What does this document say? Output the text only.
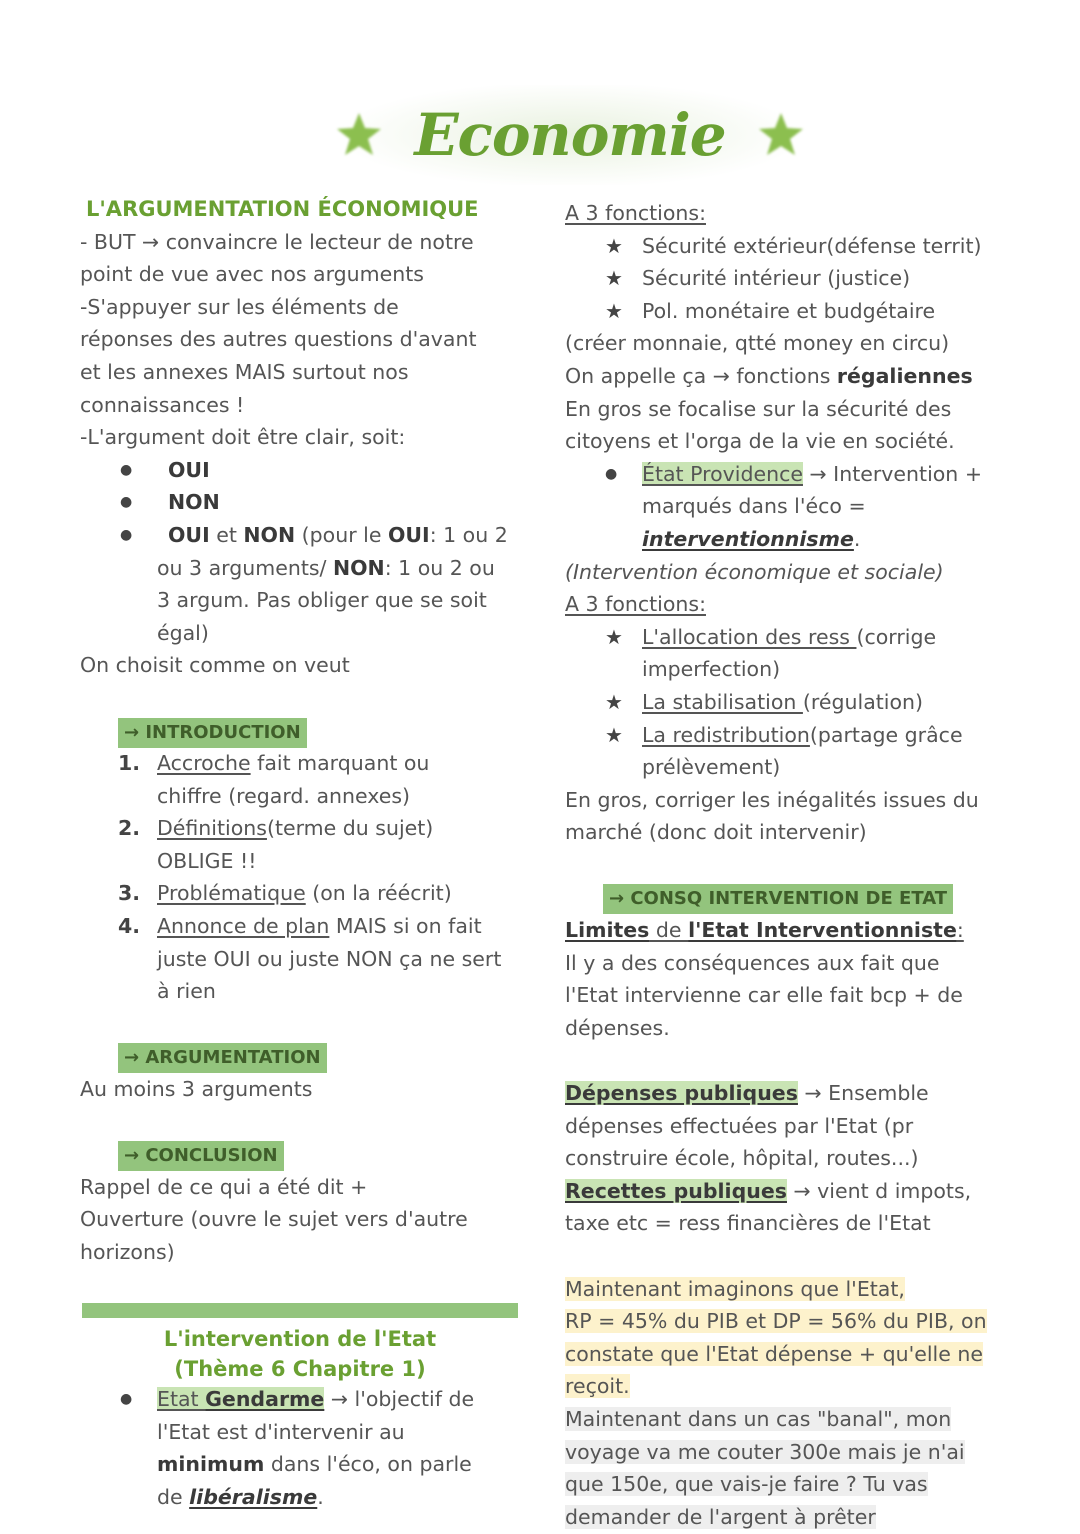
Economie
L'ARGUMENTATION ÉCONOMIQUE
- BUT → convaincre le lecteur de notre
point de vue avec nos arguments
-S'appuyer sur les éléments de
réponses des autres questions d'avant
et les annexes MAIS surtout nos
connaissances !
-L'argument doit être clair, soit:
● OUI
● NON
● OUI et NON (pour le OUI: 1 ou 2
ou 3 arguments/ NON: 1 ou 2 ou
3 argum. Pas obliger que se soit
égal)
On choisit comme on veut
→ INTRODUCTION
1. Accroche fait marquant ou
chiffre (regard. annexes)
2. Définitions(terme du sujet)
OBLIGE !!
3. Problématique (on la réécrit)
4. Annonce de plan MAIS si on fait
juste OUI ou juste NON ça ne sert
à rien
→ ARGUMENTATION
Au moins 3 arguments
→ CONCLUSION
Rappel de ce qui a été dit +
Ouverture (ouvre le sujet vers d'autre
horizons)
L'intervention de l'Etat
(Thème 6 Chapitre 1)
● Etat Gendarme → l'objectif de
l'Etat est d'intervenir au
minimum dans l'éco, on parle
de libéralisme.
A 3 fonctions:
★ Sécurité extérieur(défense territ)
★ Sécurité intérieur (justice)
★ Pol. monétaire et budgétaire
(créer monnaie, qtté money en circu)
On appelle ça → fonctions régaliennes
En gros se focalise sur la sécurité des
citoyens et l'orga de la vie en société.
● État Providence → Intervention +
marqués dans l'éco =
interventionnisme.
(Intervention économique et sociale)
A 3 fonctions:
★ L'allocation des ress (corrige
imperfection)
★ La stabilisation (régulation)
★ La redistribution(partage grâce
prélèvement)
En gros, corriger les inégalités issues du
marché (donc doit intervenir)
→ CONSQ INTERVENTION DE ETAT
Limites de l'Etat Interventionniste:
Il y a des conséquences aux fait que
l'Etat intervienne car elle fait bcp + de
dépenses.
Dépenses publiques → Ensemble
dépenses effectuées par l'Etat (pr
construire école, hôpital, routes...)
Recettes publiques → vient d impots,
taxe etc = ress financières de l'Etat
Maintenant imaginons que l'Etat,
RP = 45% du PIB et DP = 56% du PIB, on
constate que l'Etat dépense + qu'elle ne
reçoit.
Maintenant dans un cas "banal", mon
voyage va me couter 300e mais je n'ai
que 150e, que vais-je faire ? Tu vas
demander de l'argent à prêter
